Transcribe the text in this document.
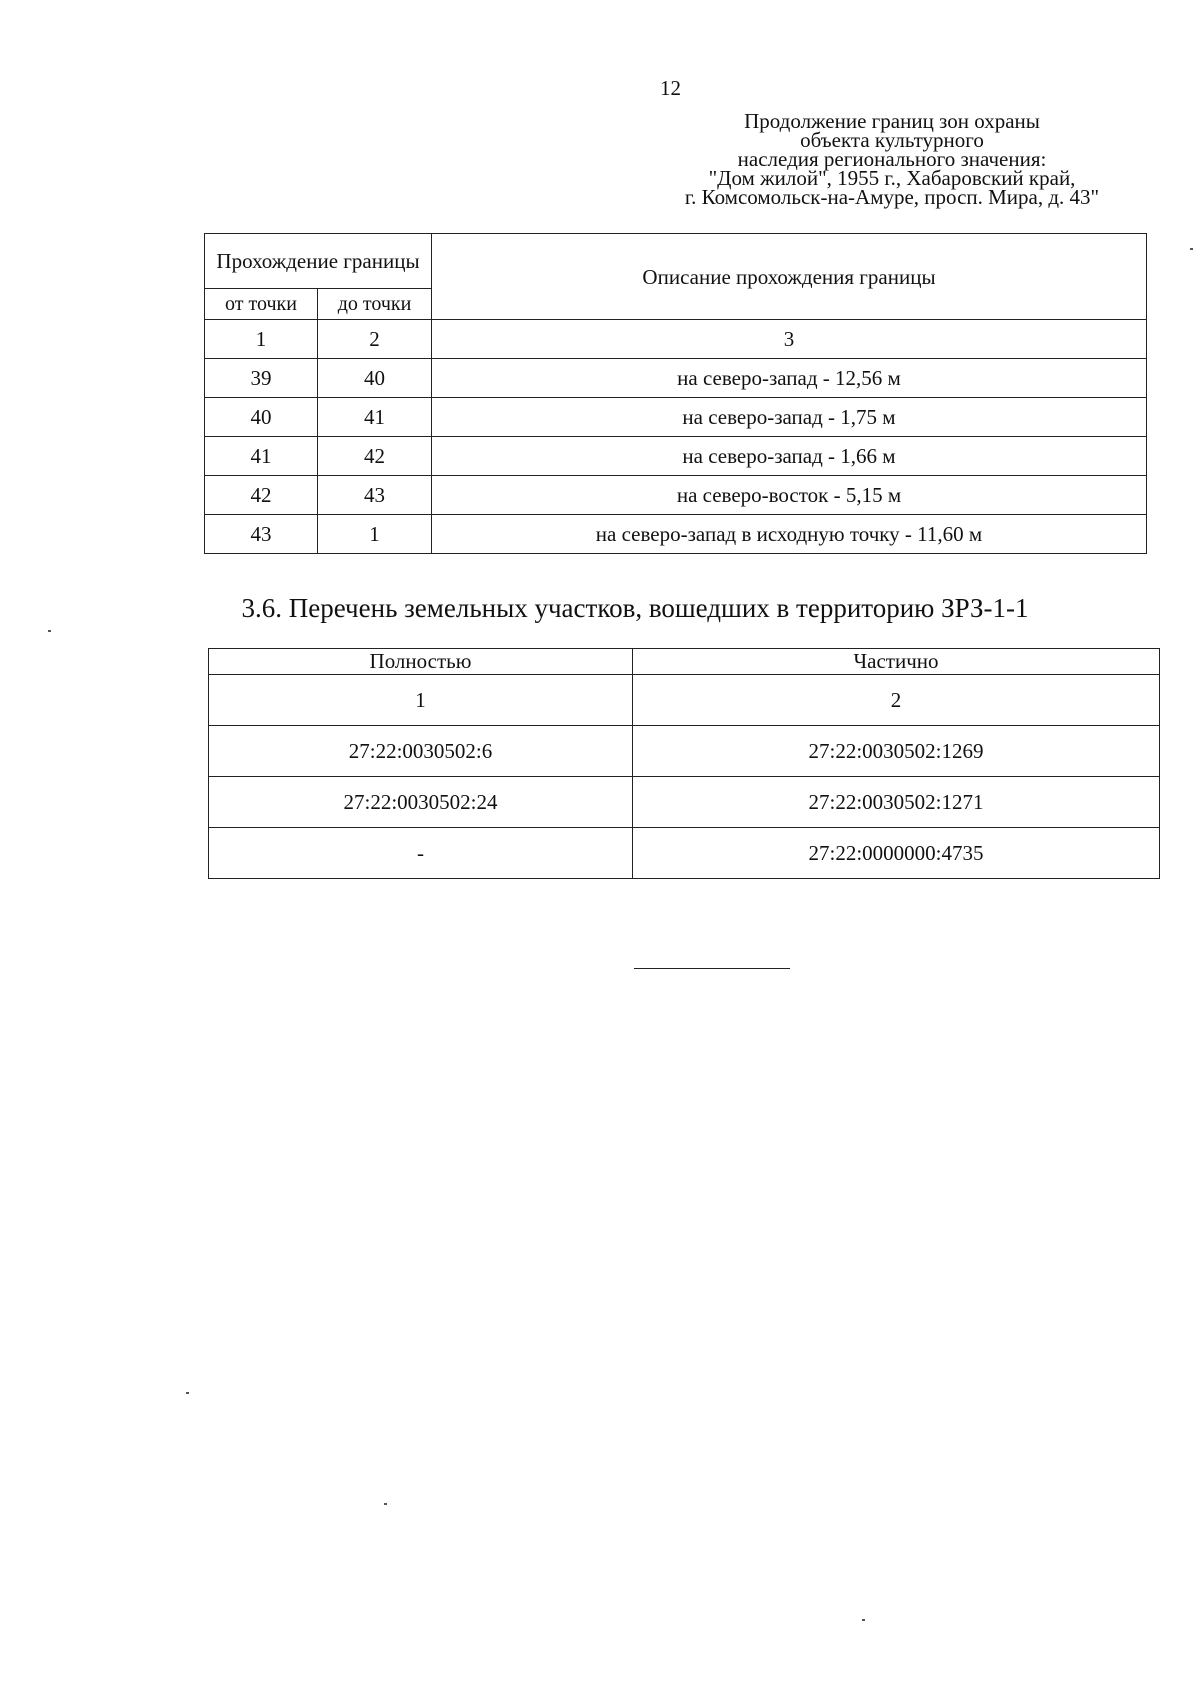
12
Продолжение границ зон охраны
объекта культурного
наследия регионального значения:
"Дом жилой", 1955 г., Хабаровский край,
г. Комсомольск-на-Амуре, просп. Мира, д. 43"
Прохождение границы		Описание прохождения границы
от точки	до точки	
1	2	3
39	40	на северо-запад - 12,56 м
40	41	на северо-запад - 1,75 м
41	42	на северо-запад - 1,66 м
42	43	на северо-восток - 5,15 м
43	1	на северо-запад в исходную точку - 11,60 м
3.6. Перечень земельных участков, вошедших в территорию ЗРЗ-1-1
Полностью	Частично
1	2
27:22:0030502:6	27:22:0030502:1269
27:22:0030502:24	27:22:0030502:1271
-	27:22:0000000:4735
